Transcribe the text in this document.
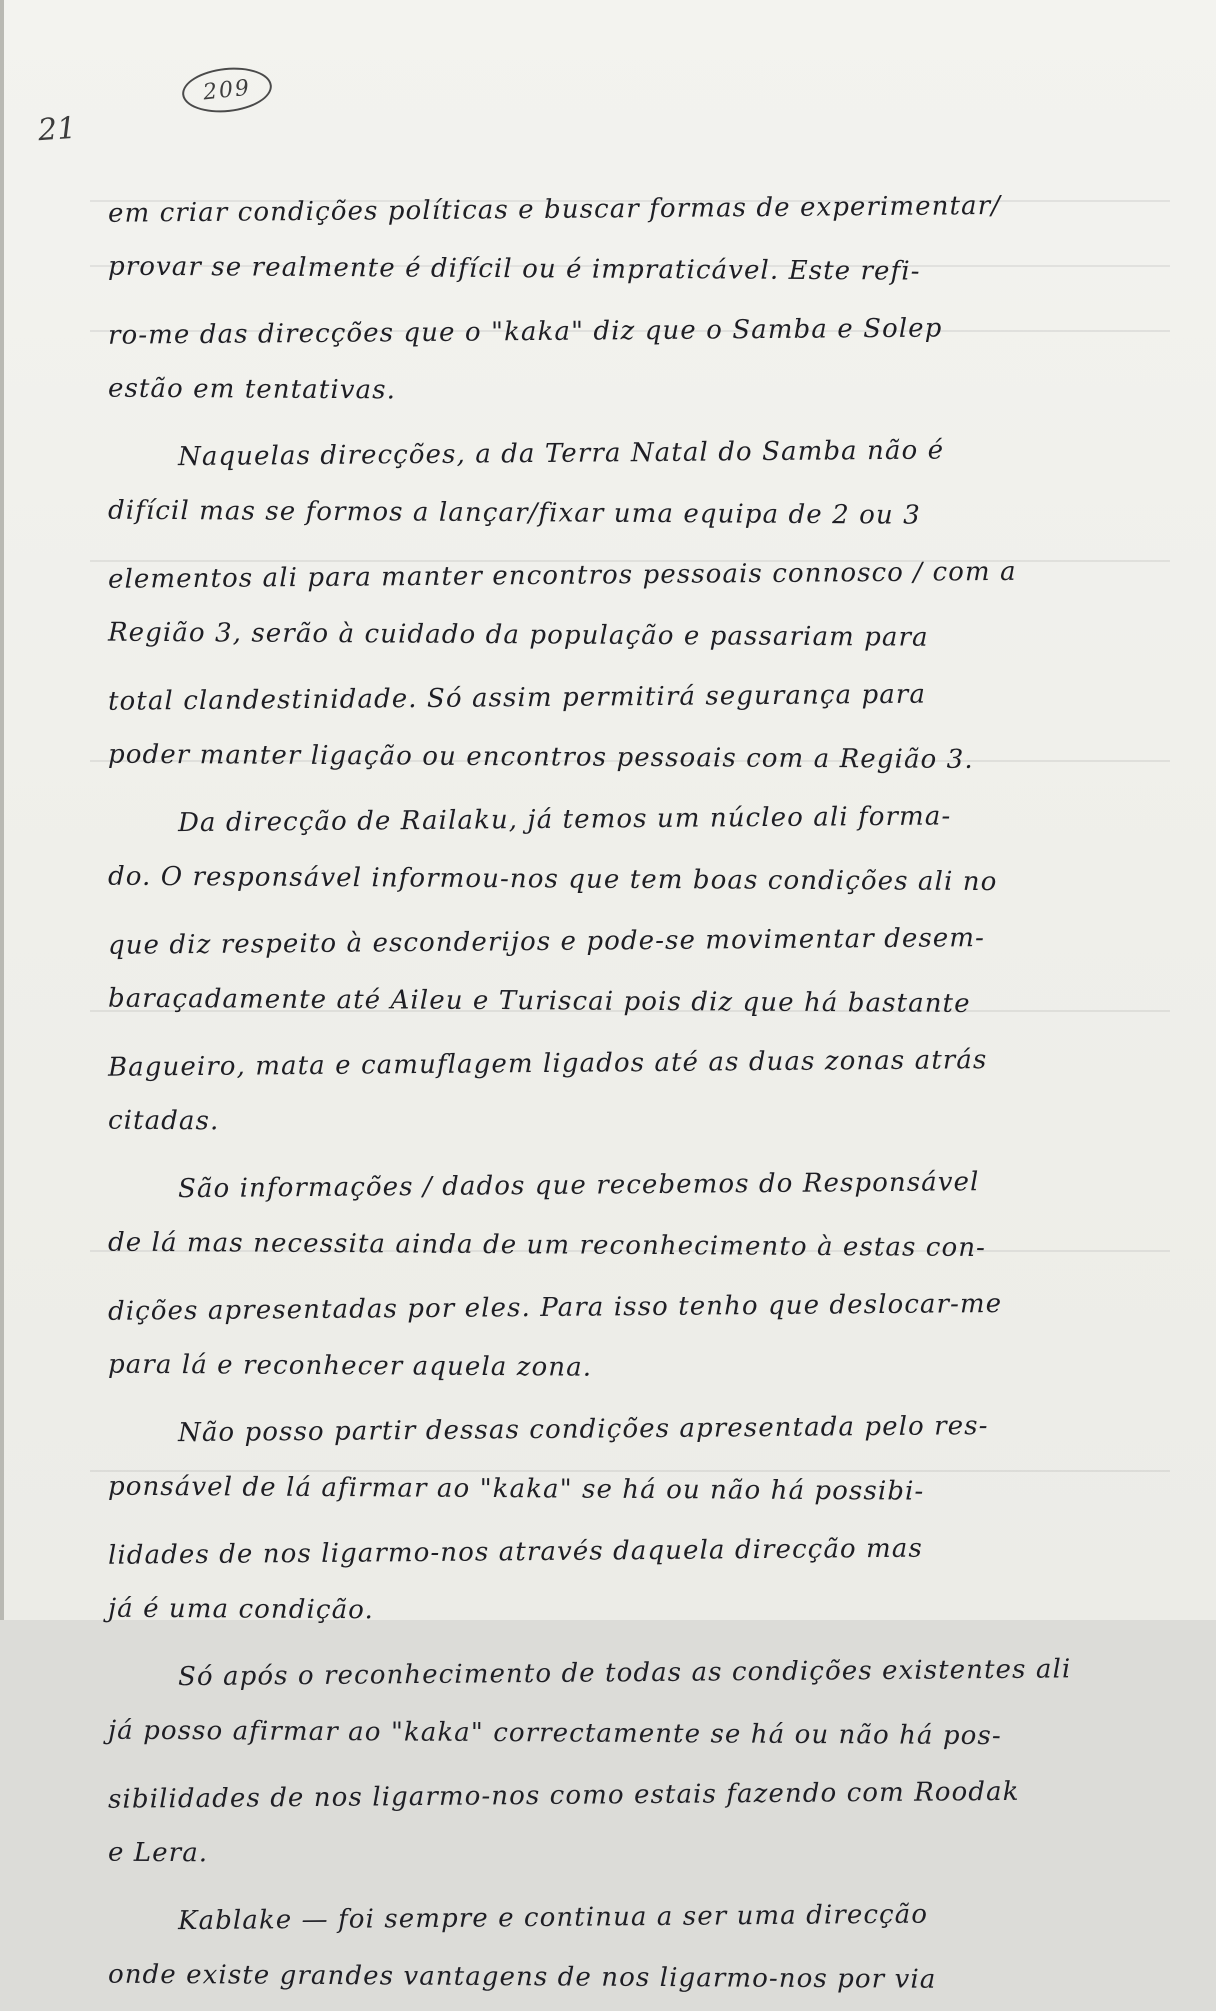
209
21
em criar condições políticas e buscar formas de experimentar/
provar se realmente é difícil ou é impraticável. Este refi-
ro-me das direcções que o "kaka" diz que o Samba e Solep
estão em tentativas.
Naquelas direcções, a da Terra Natal do Samba não é
difícil mas se formos a lançar/fixar uma equipa de 2 ou 3
elementos ali para manter encontros pessoais connosco / com a
Região 3, serão à cuidado da população e passariam para
total clandestinidade. Só assim permitirá segurança para
poder manter ligação ou encontros pessoais com a Região 3.
Da direcção de Railaku, já temos um núcleo ali forma-
do. O responsável informou-nos que tem boas condições ali no
que diz respeito à esconderijos e pode-se movimentar desem-
baraçadamente até Aileu e Turiscai pois diz que há bastante
Bagueiro, mata e camuflagem ligados até as duas zonas atrás
citadas.
São informações / dados que recebemos do Responsável
de lá mas necessita ainda de um reconhecimento à estas con-
dições apresentadas por eles. Para isso tenho que deslocar-me
para lá e reconhecer aquela zona.
Não posso partir dessas condições apresentada pelo res-
ponsável de lá afirmar ao "kaka" se há ou não há possibi-
lidades de nos ligarmo-nos através daquela direcção mas
já é uma condição.
Só após o reconhecimento de todas as condições existentes ali
já posso afirmar ao "kaka" correctamente se há ou não há pos-
sibilidades de nos ligarmo-nos como estais fazendo com Roodak
e Lera.
Kablake — foi sempre e continua a ser uma direcção
onde existe grandes vantagens de nos ligarmo-nos por via
